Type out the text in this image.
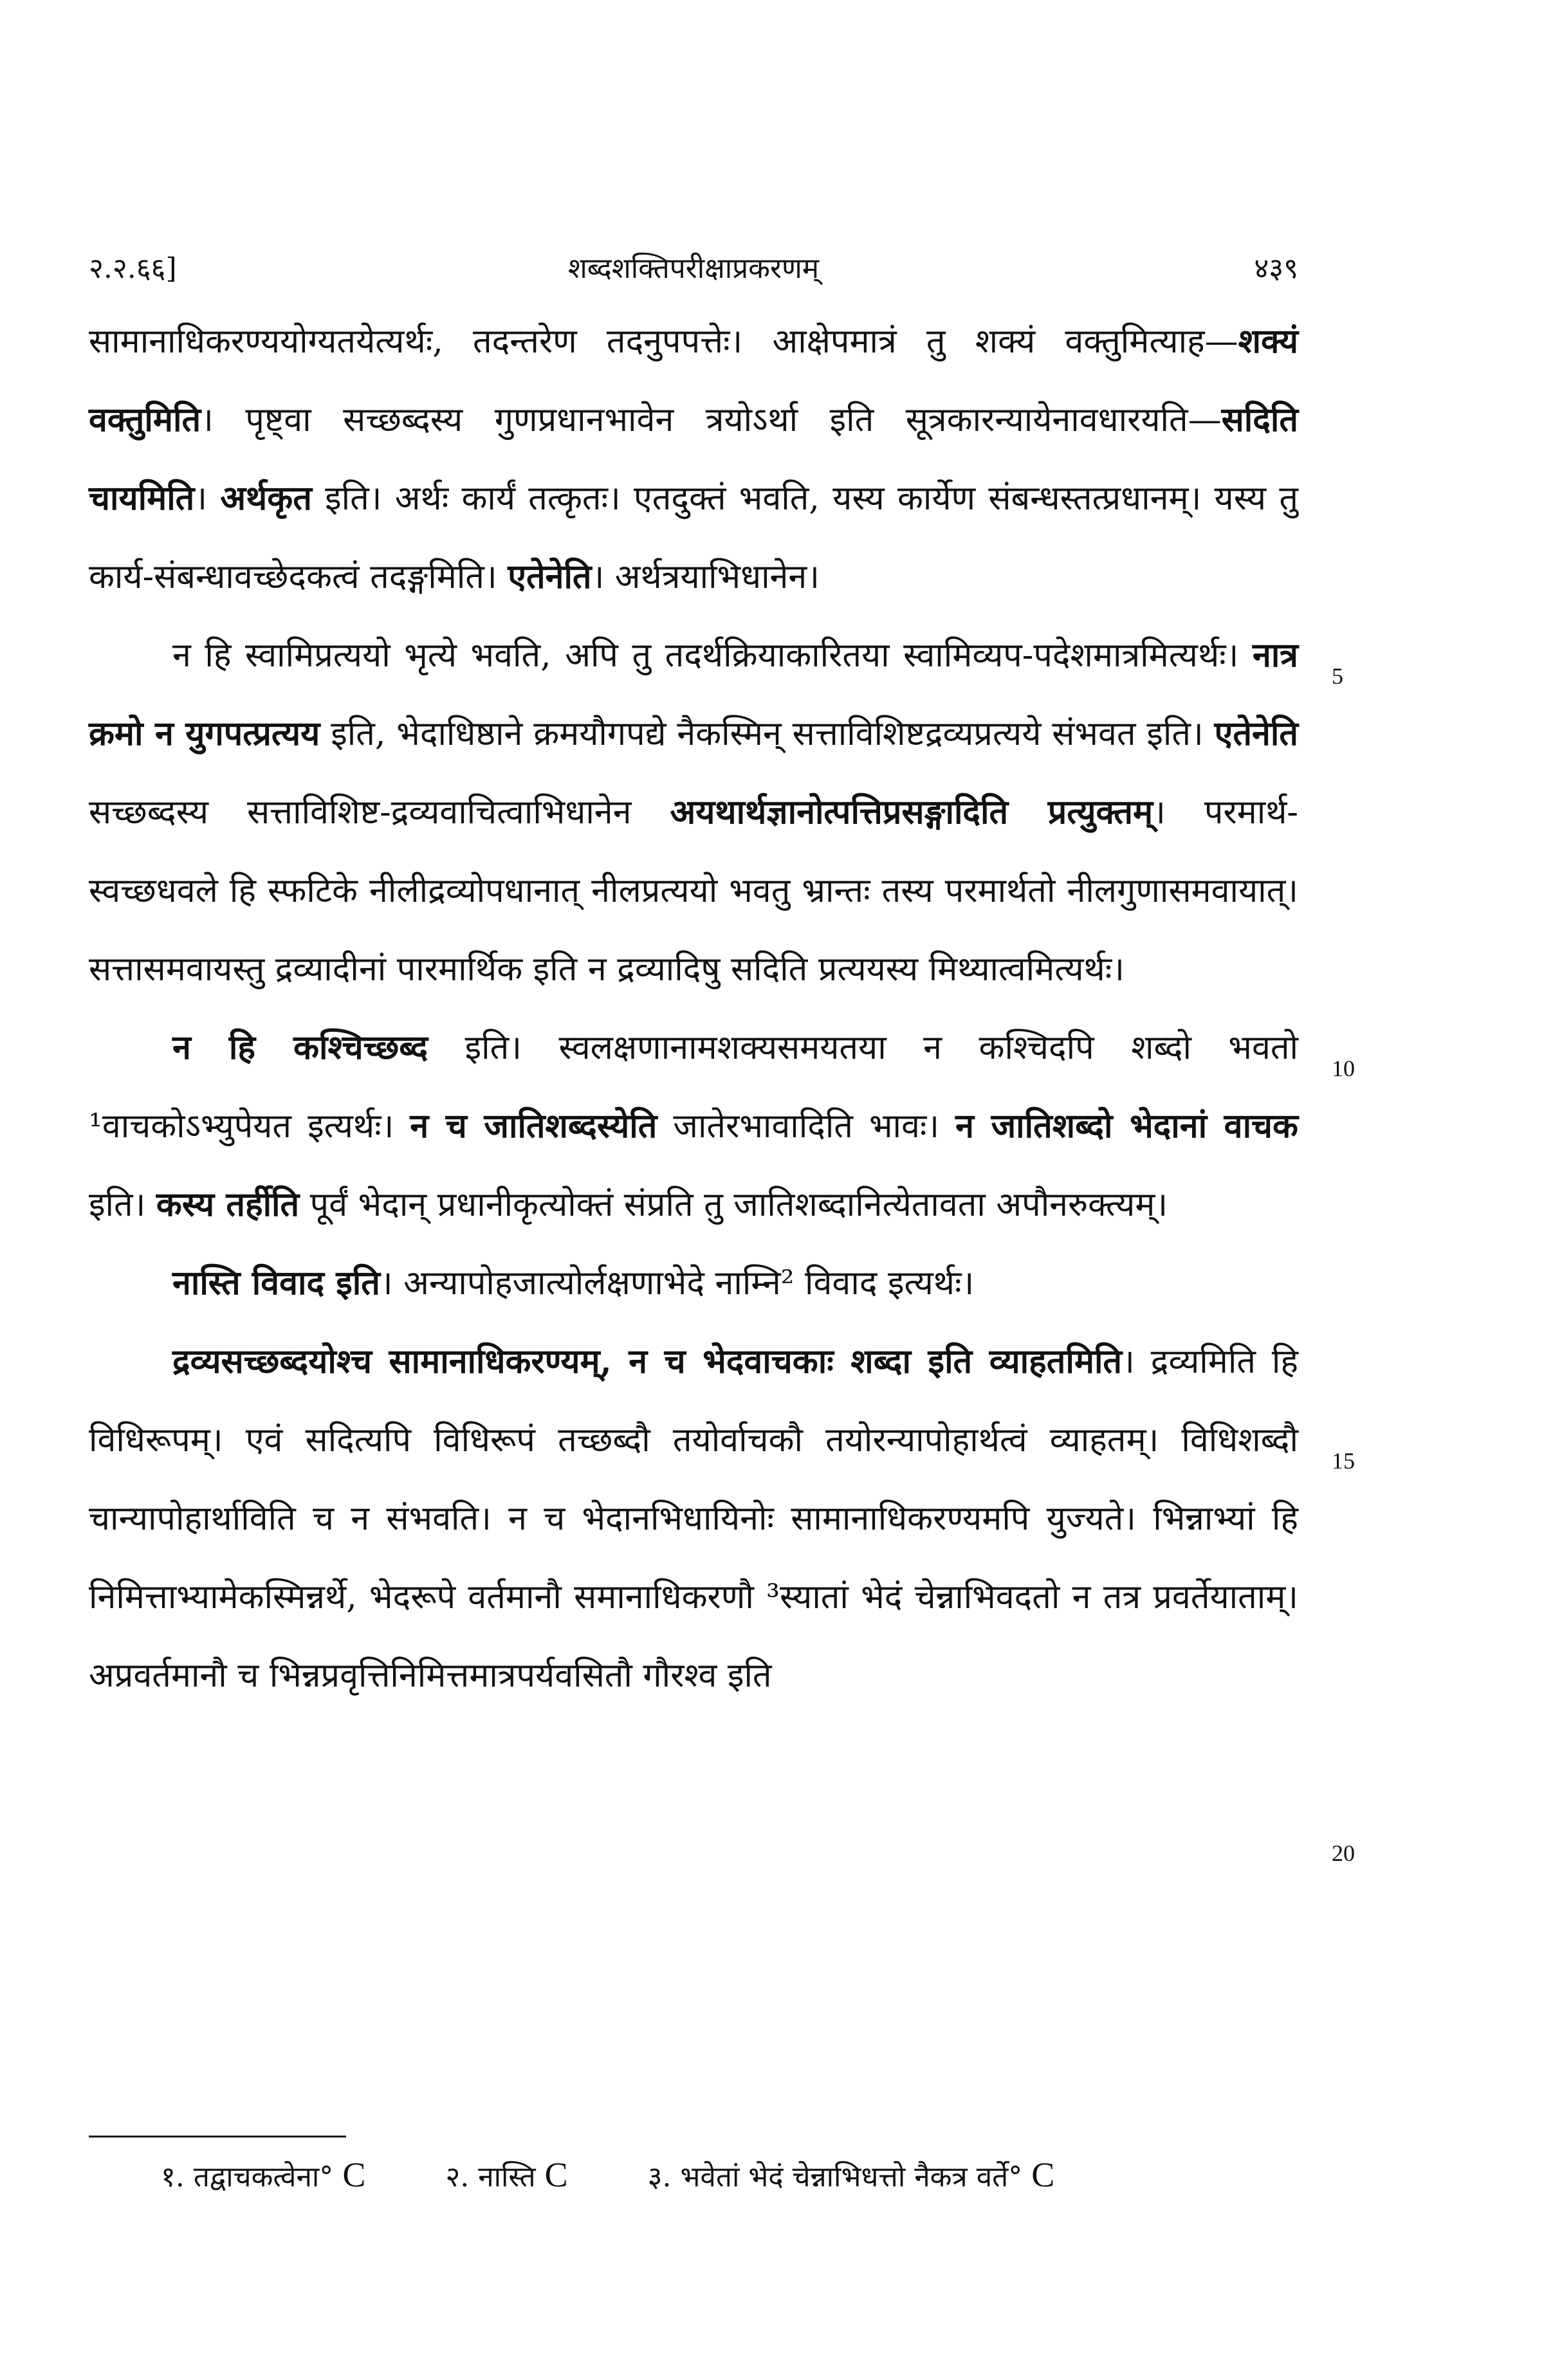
२.२.६६]	शब्दशक्तिपरीक्षाप्रकरणम्	४३९

सामानाधिकरण्ययोग्यतयेत्यर्थः, तदन्तरेण तदनुपपत्तेः। आक्षेपमात्रं तु शक्यं वक्तुमित्याह—शक्यं वक्तुमिति। पृष्ट्वा सच्छब्दस्य गुणप्रधानभावेन त्रयोऽर्था इति सूत्रकारन्यायेनावधारयति—सदिति चायमिति। अर्थकृत इति। अर्थः कार्यं तत्कृतः। एतदुक्तं भवति, यस्य कार्येण संबन्धस्तत्प्रधानम्। यस्य तु कार्य-संबन्धावच्छेदकत्वं तदङ्गमिति। एतेनेति। अर्थत्रयाभिधानेन।

न हि स्वामिप्रत्ययो भृत्ये भवति, अपि तु तदर्थक्रियाकारितया स्वामिव्यप-पदेशमात्रमित्यर्थः। नात्र क्रमो न युगपत्प्रत्यय इति, भेदाधिष्ठाने क्रमयौगपद्ये नैकस्मिन् सत्ताविशिष्टद्रव्यप्रत्यये संभवत इति। एतेनेति सच्छब्दस्य सत्ताविशिष्ट-द्रव्यवाचित्वाभिधानेन अयथार्थज्ञानोत्पत्तिप्रसङ्गादिति प्रत्युक्तम्। परमार्थ-स्वच्छधवले हि स्फटिके नीलीद्रव्योपधानात् नीलप्रत्ययो भवतु भ्रान्तः तस्य परमार्थतो नीलगुणासमवायात्। सत्तासमवायस्तु द्रव्यादीनां पारमार्थिक इति न द्रव्यादिषु सदिति प्रत्ययस्य मिथ्यात्वमित्यर्थः।

न हि कश्चिच्छब्द इति। स्वलक्षणानामशक्यसमयतया न कश्चिदपि शब्दो भवतो ¹वाचकोऽभ्युपेयत इत्यर्थः। न च जातिशब्दस्येति जातेरभावादिति भावः। न जातिशब्दो भेदानां वाचक इति। कस्य तर्हीति पूर्वं भेदान् प्रधानीकृत्योक्तं संप्रति तु जातिशब्दानित्येतावता अपौनरुक्त्यम्।

नास्ति विवाद इति। अन्यापोहजात्योर्लक्षणाभेदे नाम्नि² विवाद इत्यर्थः।

द्रव्यसच्छब्दयोश्च सामानाधिकरण्यम्, न च भेदवाचकाः शब्दा इति व्याहतमिति। द्रव्यमिति हि विधिरूपम्। एवं सदित्यपि विधिरूपं तच्छब्दौ तयोर्वाचकौ तयोरन्यापोहार्थत्वं व्याहतम्। विधिशब्दौ चान्यापोहार्थाविति च न संभवति। न च भेदानभिधायिनोः सामानाधिकरण्यमपि युज्यते। भिन्नाभ्यां हि निमित्ताभ्यामेकस्मिन्नर्थे, भेदरूपे वर्तमानौ समानाधिकरणौ ³स्यातां भेदं चेन्नाभिवदतो न तत्र प्रवर्तेयाताम्। अप्रवर्तमानौ च भिन्नप्रवृत्तिनिमित्तमात्रपर्यवसितौ गौरश्व इति

5
10
15
20
१. तद्वाचकत्वेना° C	२. नास्ति C	३. भवेतां भेदं चेन्नाभिधत्तो नैकत्र वर्ते° C
